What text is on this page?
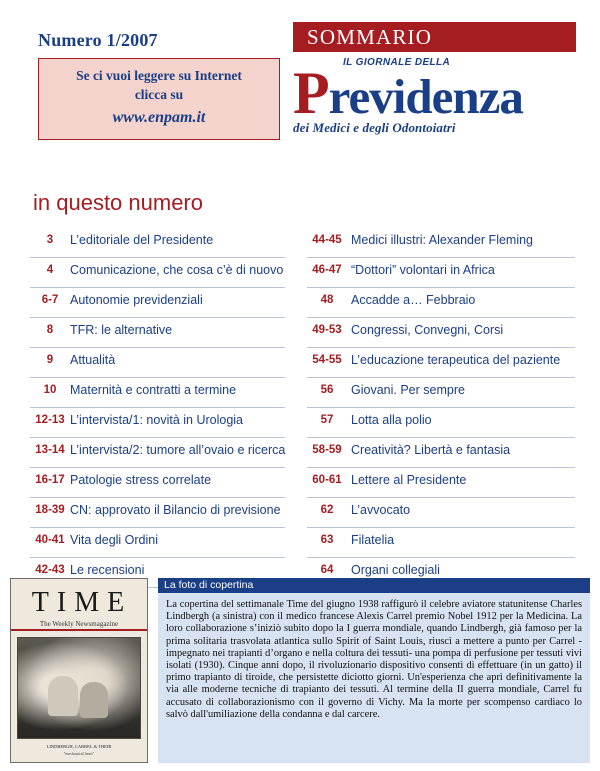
Numero 1/2007	SOMMARIO
Se ci vuoi leggere su Internet
clicca su
www.enpam.it
IL GIORNALE DELLA
Previdenza
dei Medici e degli Odontoiatri
in questo numero
3	L’editoriale del Presidente
4	Comunicazione, che cosa c’è di nuovo
6-7 Autonomie previdenziali
8	TFR: le alternative
9	Attualità
10	Maternità e contratti a termine
12-13 L’intervista/1: novità in Urologia
13-14 L’intervista/2: tumore all’ovaio e ricerca
16-17 Patologie stress correlate
18-39 CN: approvato il Bilancio di previsione
40-41 Vita degli Ordini
42-43 Le recensioni
44-45 Medici illustri: Alexander Fleming
46-47 “Dottori” volontari in Africa
48	Accadde a… Febbraio
49-53 Congressi, Convegni, Corsi
54-55 L’educazione terapeutica del paziente
56	Giovani. Per sempre
57	Lotta alla polio
58-59 Creatività? Libertà e fantasia
60-61 Lettere al Presidente
62	L’avvocato
63	Filatelia
64	Organi collegiali
TIME
The Weekly Newsmagazine
LINDBERGH, CARREL & THEIR
"mechanical heart"
La foto di copertina
La copertina del settimanale Time del giugno 1938 raffigurò il celebre aviatore statunitense Charles Lindbergh (a sinistra) con il medico francese Alexis Carrel premio Nobel 1912 per la Medicina. La loro collaborazione s’iniziò subito dopo la I guerra mondiale, quando Lindbergh, già famoso per la prima solitaria trasvolata atlantica sullo Spirit of Saint Louis, riuscì a mettere a punto per Carrel -impegnato nei trapianti d’organo e nella coltura dei tessuti- una pompa di perfusione per tessuti vivi isolati (1930). Cinque anni dopo, il rivoluzionario dispositivo consentì di effettuare (in un gatto) il primo trapianto di tiroide, che persistette diciotto giorni. Un'esperienza che aprì definitivamente la via alle moderne tecniche di trapianto dei tessuti. Al termine della II guerra mondiale, Carrel fu accusato di collaborazionismo con il governo di Vichy. Ma la morte per scompenso cardiaco lo salvò dall'umiliazione della condanna e dal carcere.
